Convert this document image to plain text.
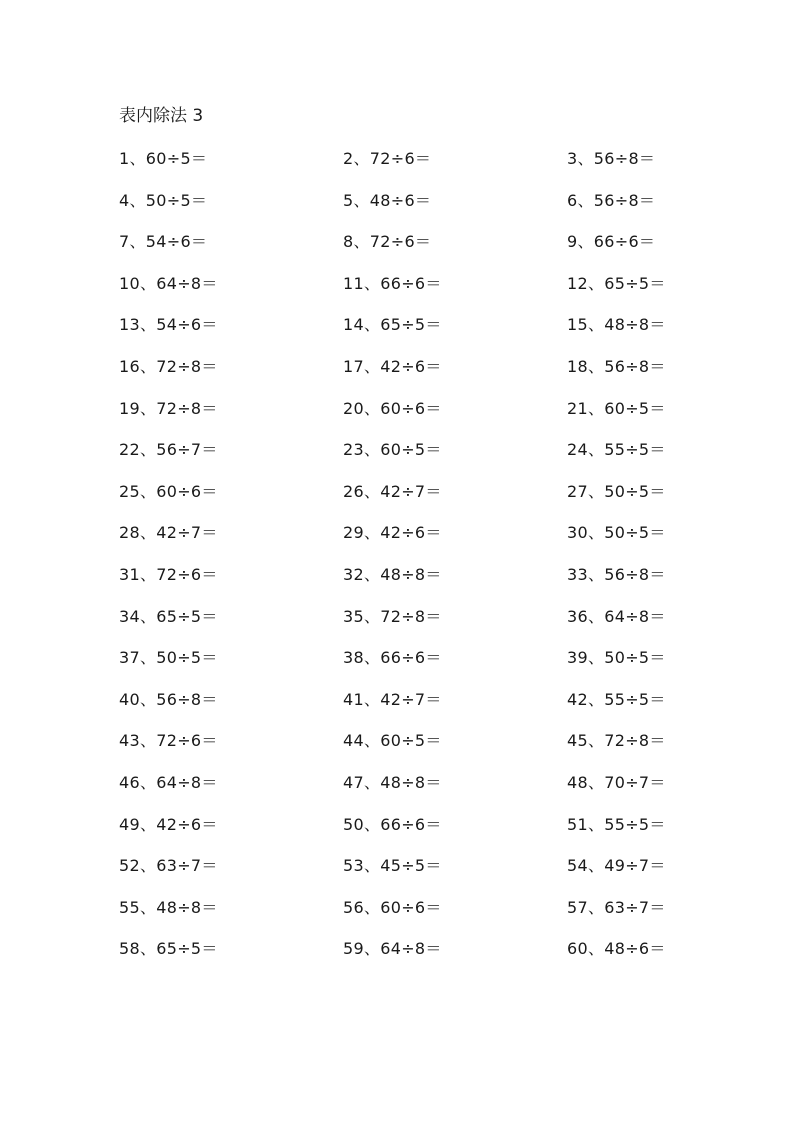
表内除法 3
1、60÷5＝	2、72÷6＝	3、56÷8＝
4、50÷5＝	5、48÷6＝	6、56÷8＝
7、54÷6＝	8、72÷6＝	9、66÷6＝
10、64÷8＝	11、66÷6＝	12、65÷5＝
13、54÷6＝	14、65÷5＝	15、48÷8＝
16、72÷8＝	17、42÷6＝	18、56÷8＝
19、72÷8＝	20、60÷6＝	21、60÷5＝
22、56÷7＝	23、60÷5＝	24、55÷5＝
25、60÷6＝	26、42÷7＝	27、50÷5＝
28、42÷7＝	29、42÷6＝	30、50÷5＝
31、72÷6＝	32、48÷8＝	33、56÷8＝
34、65÷5＝	35、72÷8＝	36、64÷8＝
37、50÷5＝	38、66÷6＝	39、50÷5＝
40、56÷8＝	41、42÷7＝	42、55÷5＝
43、72÷6＝	44、60÷5＝	45、72÷8＝
46、64÷8＝	47、48÷8＝	48、70÷7＝
49、42÷6＝	50、66÷6＝	51、55÷5＝
52、63÷7＝	53、45÷5＝	54、49÷7＝
55、48÷8＝	56、60÷6＝	57、63÷7＝
58、65÷5＝	59、64÷8＝	60、48÷6＝
